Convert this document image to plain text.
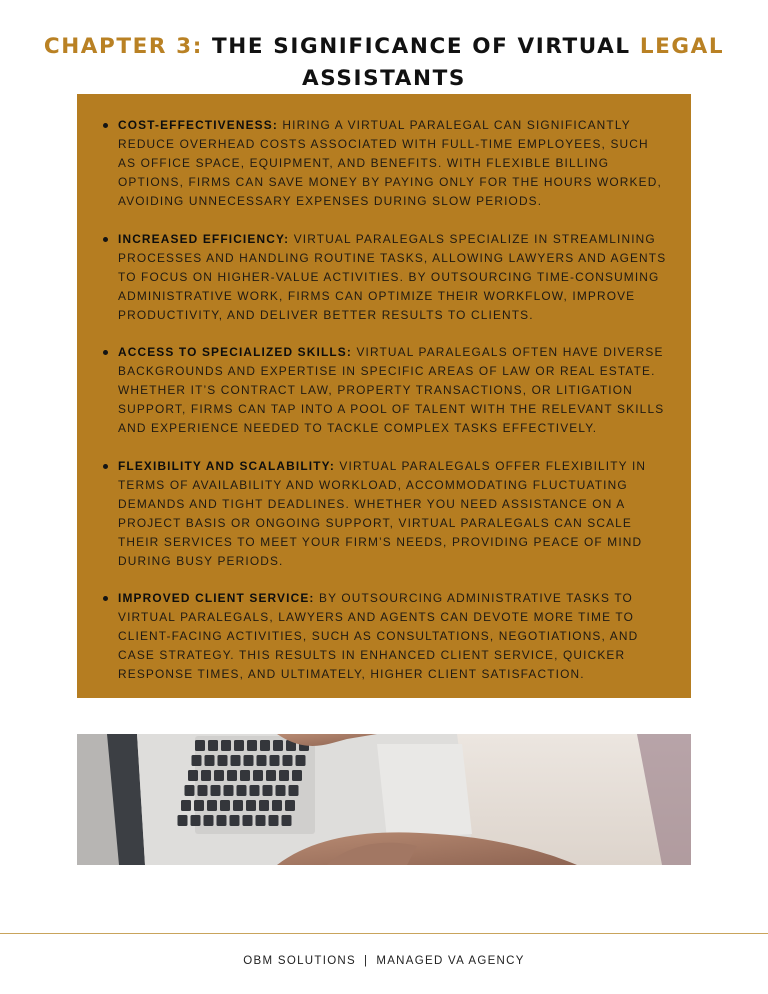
CHAPTER 3: THE SIGNIFICANCE OF VIRTUAL LEGAL
ASSISTANTS
COST-EFFECTIVENESS: HIRING A VIRTUAL PARALEGAL CAN SIGNIFICANTLY REDUCE OVERHEAD COSTS ASSOCIATED WITH FULL-TIME EMPLOYEES, SUCH AS OFFICE SPACE, EQUIPMENT, AND BENEFITS. WITH FLEXIBLE BILLING OPTIONS, FIRMS CAN SAVE MONEY BY PAYING ONLY FOR THE HOURS WORKED, AVOIDING UNNECESSARY EXPENSES DURING SLOW PERIODS.
INCREASED EFFICIENCY: VIRTUAL PARALEGALS SPECIALIZE IN STREAMLINING PROCESSES AND HANDLING ROUTINE TASKS, ALLOWING LAWYERS AND AGENTS TO FOCUS ON HIGHER-VALUE ACTIVITIES. BY OUTSOURCING TIME-CONSUMING ADMINISTRATIVE WORK, FIRMS CAN OPTIMIZE THEIR WORKFLOW, IMPROVE PRODUCTIVITY, AND DELIVER BETTER RESULTS TO CLIENTS.
ACCESS TO SPECIALIZED SKILLS: VIRTUAL PARALEGALS OFTEN HAVE DIVERSE BACKGROUNDS AND EXPERTISE IN SPECIFIC AREAS OF LAW OR REAL ESTATE. WHETHER IT’S CONTRACT LAW, PROPERTY TRANSACTIONS, OR LITIGATION SUPPORT, FIRMS CAN TAP INTO A POOL OF TALENT WITH THE RELEVANT SKILLS AND EXPERIENCE NEEDED TO TACKLE COMPLEX TASKS EFFECTIVELY.
FLEXIBILITY AND SCALABILITY: VIRTUAL PARALEGALS OFFER FLEXIBILITY IN TERMS OF AVAILABILITY AND WORKLOAD, ACCOMMODATING FLUCTUATING DEMANDS AND TIGHT DEADLINES. WHETHER YOU NEED ASSISTANCE ON A PROJECT BASIS OR ONGOING SUPPORT, VIRTUAL PARALEGALS CAN SCALE THEIR SERVICES TO MEET YOUR FIRM’S NEEDS, PROVIDING PEACE OF MIND DURING BUSY PERIODS.
IMPROVED CLIENT SERVICE: BY OUTSOURCING ADMINISTRATIVE TASKS TO VIRTUAL PARALEGALS, LAWYERS AND AGENTS CAN DEVOTE MORE TIME TO CLIENT-FACING ACTIVITIES, SUCH AS CONSULTATIONS, NEGOTIATIONS, AND CASE STRATEGY. THIS RESULTS IN ENHANCED CLIENT SERVICE, QUICKER RESPONSE TIMES, AND ULTIMATELY, HIGHER CLIENT SATISFACTION.
OBM SOLUTIONS | MANAGED VA AGENCY
